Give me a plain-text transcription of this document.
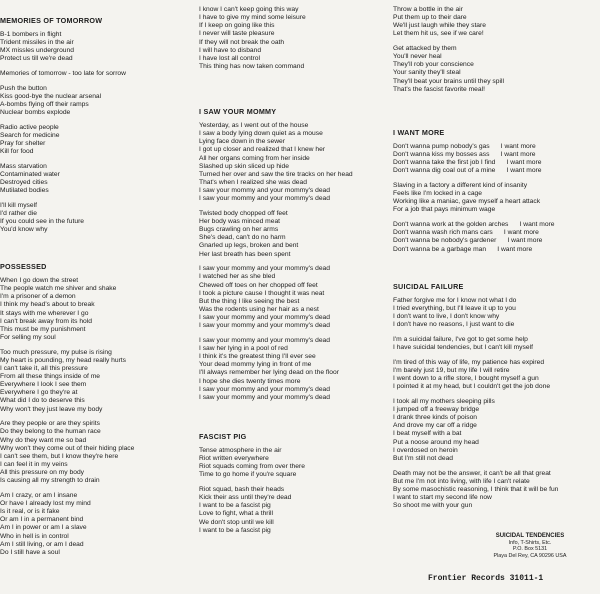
MEMORIES OF TOMORROW
B-1 bombers in flight
Trident missiles in the air
MX missles underground
Protect us till we're dead
Memories of tomorrow - too late for sorrow
Push the button
Kiss good-bye the nuclear arsenal
A-bombs flying off their ramps
Nuclear bombs explode
Radio active people
Search for medicine
Pray for shelter
Kill for food
Mass starvation
Contaminated water
Destroyed cities
Mutilated bodies
I'll kill myself
I'd rather die
If you could see in the future
You'd know why
POSSESSED
When I go down the street
The people watch me shiver and shake
I'm a prisoner of a demon
I think my head's about to break
It stays with me wherever I go
I can't break away from its hold
This must be my punishment
For selling my soul
Too much pressure, my pulse is rising
My heart is pounding, my head really hurts
I can't take it, all this pressure
From all these things inside of me
Everywhere I look I see them
Everywhere I go they're at
What did I do to deserve this
Why won't they just leave my body
Are they people or are they spirits
Do they belong to the human race
Why do they want me so bad
Why won't they come out of their hiding place
I can't see them, but I know they're here
I can feel it in my veins
All this pressure on my body
Is causing all my strength to drain
Am I crazy, or am I insane
Or have I already lost my mind
Is it real, or is it fake
Or am I in a permanent bind
Am I in power or am I a slave
Who in hell is in control
Am I still living, or am I dead
Do I still have a soul
I know I can't keep going this way
I have to give my mind some leisure
If I keep on going like this
I never will taste pleasure
If they will not break the oath
I will have to disband
I have lost all control
This thing has now taken command
I SAW YOUR MOMMY
Yesterday, as I went out of the house
I saw a body lying down quiet as a mouse
Lying face down in the sewer
I got up closer and realized that I knew her
All her organs coming from her inside
Slashed up skin sliced up hide
Turned her over and saw the tire tracks on her head
That's when I realized she was dead
I saw your mommy and your mommy's dead
I saw your mommy and your mommy's dead
Twisted body chopped off feet
Her body was minced meat
Bugs crawling on her arms
She's dead, can't do no harm
Gnarled up legs, broken and bent
Her last breath has been spent
I saw your mommy and your mommy's dead
I watched her as she bled
Chewed off toes on her chopped off feet
I took a picture cause I thought it was neat
But the thing I like seeing the best
Was the rodents using her hair as a nest
I saw your mommy and your mommy's dead
I saw your mommy and your mommy's dead
I saw your mommy and your mommy's dead
I saw her lying in a pool of red
I think it's the greatest thing I'll ever see
Your dead mommy lying in front of me
I'll always remember her lying dead on the floor
I hope she dies twenty times more
I saw your mommy and your mommy's dead
I saw your mommy and your mommy's dead
FASCIST PIG
Tense atmosphere in the air
Riot written everywhere
Riot squads coming from over there
Time to go home if you're square
Riot squad, bash their heads
Kick their ass until they're dead
I want to be a fascist pig
Love to fight, what a thrill
We don't stop until we kill
I want to be a fascist pig
Throw a bottle in the air
Put them up to their dare
We'll just laugh while they stare
Let them hit us, see if we care!
Get attacked by them
You'll never heal
They'll rob your conscience
Your sanity they'll steal
They'll beat your brains until they spill
That's the fascist favorite meal!
I WANT MORE
Don't wanna pump nobody's gas      I want more
Don't wanna kiss my bosses ass      I want more
Don't wanna take the first job I find      I want more
Don't wanna dig coal out of a mine      I want more
Slaving in a factory a different kind of insanity
Feels like I'm locked in a cage
Working like a maniac, gave myself a heart attack
For a job that pays minimum wage
Don't wanna work at the golden arches      I want more
Don't wanna wash rich mans cars      I want more
Don't wanna be nobody's gardener      I want more
Don't wanna be a garbage man      I want more
SUICIDAL FAILURE
Father forgive me for I know not what I do
I tried everything, but I'll leave it up to you
I don't want to live, I don't know why
I don't have no reasons, I just want to die
I'm a suicidal failure, I've got to get some help
I have suicidal tendencies, but I can't kill myself
I'm tired of this way of life, my patience has expired
I'm barely just 19, but my life I will retire
I went down to a rifle store, I bought myself a gun
I pointed it at my head, but I couldn't get the job done
I took all my mothers sleeping pills
I jumped off a freeway bridge
I drank three kinds of poison
And drove my car off a ridge
I beat myself with a bat
Put a noose around my head
I overdosed on heroin
But I'm still not dead
Death may not be the answer, it can't be all that great
But me I'm not into living, with life I can't relate
By some masochistic reasoning, I think that it will be fun
I want to start my second life now
So shoot me with your gun
SUICIDAL TENDENCIES
Info, T-Shirts, Etc.
P.O. Box 5131
Playa Del Rey, CA 90296 USA
Frontier Records 31011-1
